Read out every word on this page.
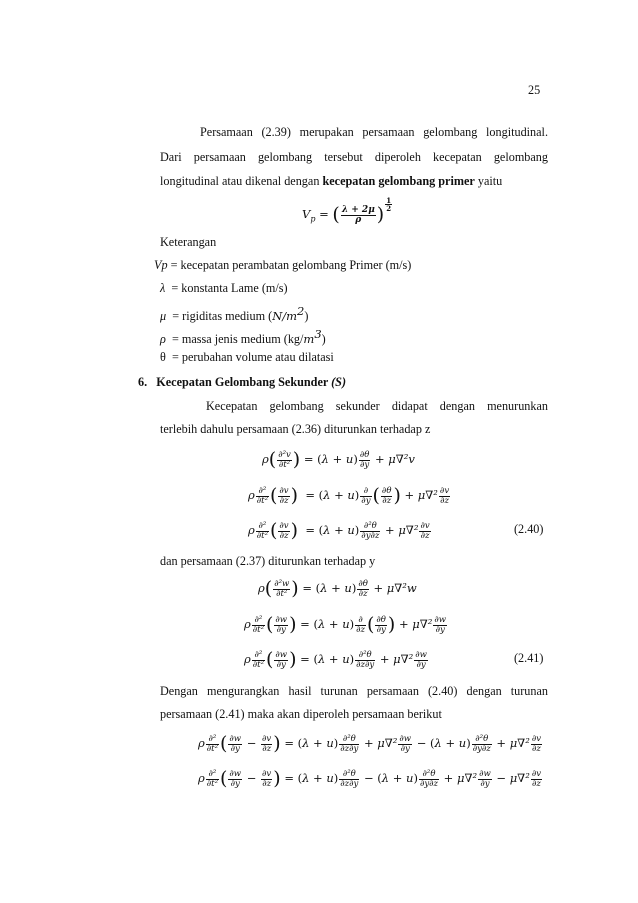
25
Persamaan (2.39) merupakan persamaan gelombang longitudinal.
Dari persamaan gelombang tersebut diperoleh kecepatan gelombang
longitudinal atau dikenal dengan kecepatan gelombang primer yaitu
$V_p$ = ( $\frac{\lambda + 2\mu}{\rho}$ ) $\frac{1}{2}$
Keterangan
Vp = kecepatan perambatan gelombang Primer (m/s)
λ = konstanta Lame (m/s)
μ = rigiditas medium $(N/m^2)$
ρ = massa jenis medium $(kg/m^3)$
θ = perubahan volume atau dilatasi
6. Kecepatan Gelombang Sekunder (S)
Kecepatan gelombang sekunder didapat dengan menurunkan
terlebih dahulu persamaan (2.36) diturunkan terhadap z
$\rho( \frac{\text{∂²v}}{\text{∂t²}}$ ) = $(\lambda + u) \frac{\partial\theta}{\partial y} + \mu\nabla^2v$
ρ $\frac{\text{∂²}}{\text{∂t²}}$ ( $\frac{\partial v}{\partial z}$ ) = $(\lambda + u) \frac{\partial}{\partial y}$ ( $\frac{\partial\theta}{\partial z}$ ) + $\mu\nabla^2 \frac{\partial v}{\partial z}$
ρ $\frac{\text{∂²}}{\text{∂t²}}$ ( $\frac{\partial v}{\partial z}$ ) = $(\lambda + u) \frac{\text{∂²θ}}{\partial y\partial z} + \mu\nabla^2 \frac{\partial v}{\partial z}$	(2.40)
dan persamaan (2.37) diturunkan terhadap y
$\rho( \frac{\text{∂²w}}{\text{∂t²}}$ ) = $(\lambda + u) \frac{\partial\theta}{\partial z} + \mu\nabla^2w$
ρ $\frac{\text{∂²}}{\text{∂t²}}$ ( $\frac{\partial w}{\partial y}$ ) = $(\lambda + u) \frac{\partial}{\partial z}$ ( $\frac{\partial\theta}{\partial y}$ ) + $\mu\nabla^2 \frac{\partial w}{\partial y}$
ρ $\frac{\text{∂²}}{\text{∂t²}}$ ( $\frac{\partial w}{\partial y}$ ) = $(\lambda + u) \frac{\text{∂²θ}}{\partial z\partial y} + \mu\nabla^2 \frac{\partial w}{\partial y}$	(2.41)
Dengan mengurangkan hasil turunan persamaan (2.40) dengan turunan
persamaan (2.41) maka akan diperoleh persamaan berikut
ρ $\frac{\text{∂²}}{\text{∂t²}}$ ( $\frac{\partial w}{\partial y} - \frac{\partial v}{\partial z}$ ) = $(\lambda + u) \frac{\text{∂²θ}}{\partial z\partial y} + \mu\nabla^2 \frac{\partial w}{\partial y} - (\lambda + u) \frac{\text{∂²θ}}{\partial y\partial z} + \mu\nabla^2 \frac{\partial v}{\partial z}$
ρ $\frac{\text{∂²}}{\text{∂t²}}$ ( $\frac{\partial w}{\partial y} - \frac{\partial v}{\partial z}$ ) = $(\lambda + u) \frac{\text{∂²θ}}{\partial z\partial y} - (\lambda + u) \frac{\text{∂²θ}}{\partial y\partial z} + \mu\nabla^2 \frac{\partial w}{\partial y} - \mu\nabla^2 \frac{\partial v}{\partial z}$
